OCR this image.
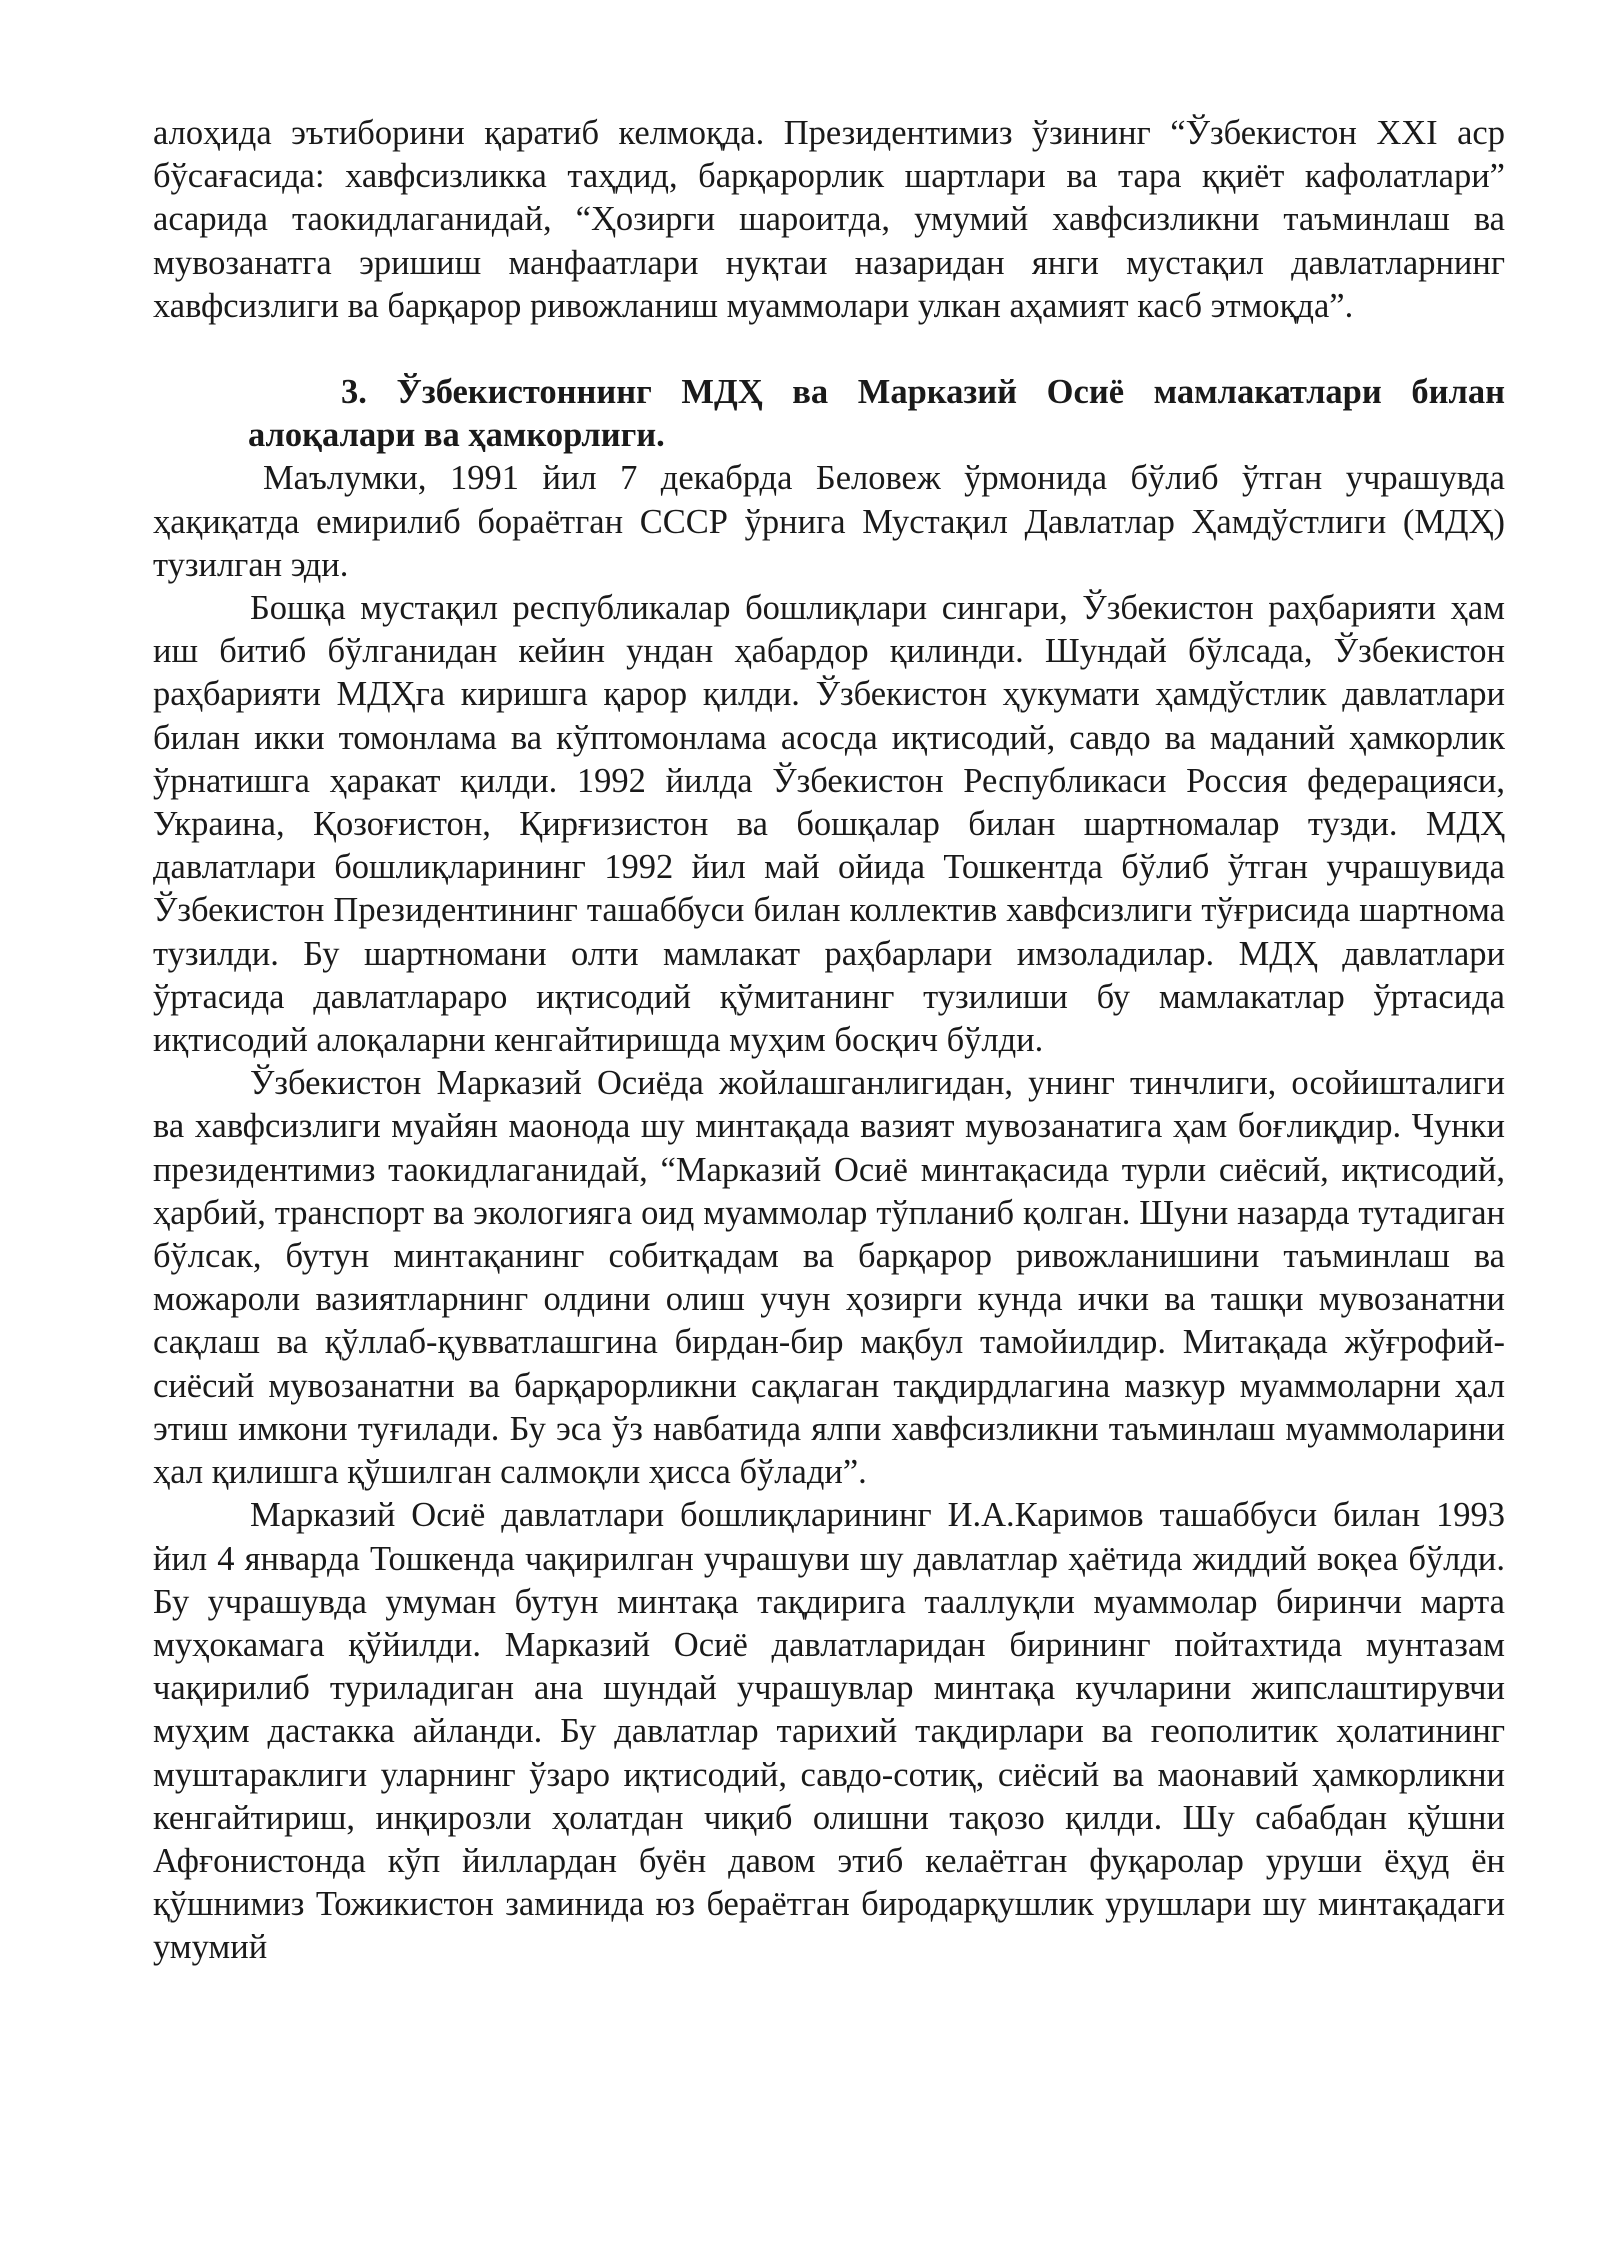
алоҳида эътиборини қаратиб келмоқда. Президентимиз ўзининг “Ўзбекистон XXI аср бўсағасида: хавфсизликка таҳдид, барқарорлик шартлари ва тара ққиёт кафолатлари” асарида таокидлаганидай, “Ҳозирги шароитда, умумий хавфсизликни таъминлаш ва мувозанатга эришиш манфаатлари нуқтаи назаридан янги мустақил давлатларнинг хавфсизлиги ва барқарор ривожланиш муаммолари улкан аҳамият касб этмоқда”.

3. Ўзбекистоннинг МДҲ ва Марказий Осиё мамлакатлари билан алоқалари ва ҳамкорлиги.

Маълумки, 1991 йил 7 декабрда Беловеж ўрмонида бўлиб ўтган учрашувда ҳақиқатда емирилиб бораётган СССР ўрнига Мустақил Давлатлар Ҳамдўстлиги (МДҲ) тузилган эди.

Бошқа мустақил республикалар бошлиқлари сингари, Ўзбекистон раҳбарияти ҳам иш битиб бўлганидан кейин ундан ҳабардор қилинди. Шундай бўлсада, Ўзбекистон раҳбарияти МДҲга киришга қарор қилди. Ўзбекистон ҳукумати ҳамдўстлик давлатлари билан икки томонлама ва кўптомонлама асосда иқтисодий, савдо ва маданий ҳамкорлик ўрнатишга ҳаракат қилди. 1992 йилда Ўзбекистон Республикаси Россия федерацияси, Украина, Қозоғистон, Қирғизистон ва бошқалар билан шартномалар тузди. МДҲ давлатлари бошлиқларининг 1992 йил май ойида Тошкентда бўлиб ўтган учрашувида Ўзбекистон Президентининг ташаббуси билан коллектив хавфсизлиги тўғрисида шартнома тузилди. Бу шартномани олти мамлакат раҳбарлари имзоладилар. МДҲ давлатлари ўртасида давлатлараро иқтисодий қўмитанинг тузилиши бу мамлакатлар ўртасида иқтисодий алоқаларни кенгайтиришда муҳим босқич бўлди.

Ўзбекистон Марказий Осиёда жойлашганлигидан, унинг тинчлиги, осойишталиги ва хавфсизлиги муайян маонода шу минтақада вазият мувозанатига ҳам боғлиқдир. Чунки президентимиз таокидлаганидай, “Марказий Осиё минтақасида турли сиёсий, иқтисодий, ҳарбий, транспорт ва экологияга оид муаммолар тўпланиб қолган. Шуни назарда тутадиган бўлсак, бутун минтақанинг собитқадам ва барқарор ривожланишини таъминлаш ва можароли вазиятларнинг олдини олиш учун ҳозирги кунда ички ва ташқи мувозанатни сақлаш ва қўллаб-қувватлашгина бирдан-бир мақбул тамойилдир. Митақада жўғрофий-сиёсий мувозанатни ва барқарорликни сақлаган тақдирдлагина мазкур муаммоларни ҳал этиш имкони туғилади. Бу эса ўз навбатида ялпи хавфсизликни таъминлаш муаммоларини ҳал қилишга қўшилган салмоқли ҳисса бўлади”.

Марказий Осиё давлатлари бошлиқларининг И.А.Каримов ташаббуси билан 1993 йил 4 январда Тошкенда чақирилган учрашуви шу давлатлар ҳаётида жиддий воқеа бўлди. Бу учрашувда умуман бутун минтақа тақдирига тааллуқли муаммолар биринчи марта муҳокамага қўйилди. Марказий Осиё давлатларидан бирининг пойтахтида мунтазам чақирилиб туриладиган ана шундай учрашувлар минтақа кучларини жипслаштирувчи муҳим дастакка айланди. Бу давлатлар тарихий тақдирлари ва геополитик ҳолатининг муштараклиги уларнинг ўзаро иқтисодий, савдо-сотиқ, сиёсий ва маонавий ҳамкорликни кенгайтириш, инқирозли ҳолатдан чиқиб олишни тақозо қилди. Шу сабабдан қўшни Афғонистонда кўп йиллардан буён давом этиб келаётган фуқаролар уруши ёҳуд ён қўшнимиз Тожикистон заминида юз бераётган биродарқушлик урушлари шу минтақадаги умумий
